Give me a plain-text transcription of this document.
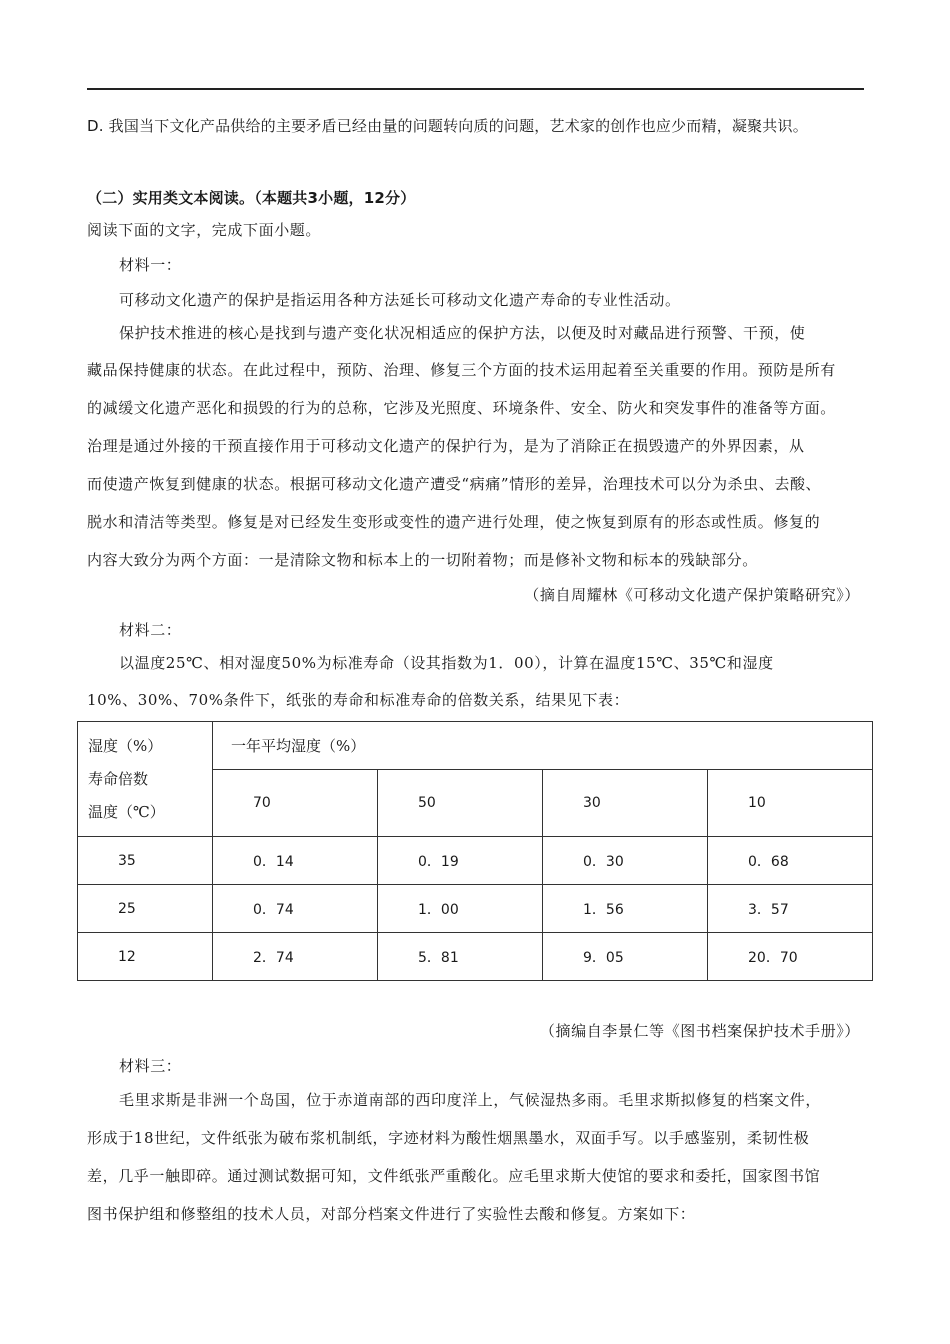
D. 我国当下文化产品供给的主要矛盾已经由量的问题转向质的问题，艺术家的创作也应少而精，凝聚共识。
（二）实用类文本阅读。（本题共3小题，12分）
阅读下面的文字，完成下面小题。
材料一：
可移动文化遗产的保护是指运用各种方法延长可移动文化遗产寿命的专业性活动。
保护技术推进的核心是找到与遗产变化状况相适应的保护方法，以便及时对藏品进行预警、干预，使
藏品保持健康的状态。在此过程中，预防、治理、修复三个方面的技术运用起着至关重要的作用。预防是所有
的减缓文化遗产恶化和损毁的行为的总称，它涉及光照度、环境条件、安全、防火和突发事件的准备等方面。
治理是通过外接的干预直接作用于可移动文化遗产的保护行为，是为了消除正在损毁遗产的外界因素，从
而使遗产恢复到健康的状态。根据可移动文化遗产遭受“病痛”情形的差异，治理技术可以分为杀虫、去酸、
脱水和清洁等类型。修复是对已经发生变形或变性的遗产进行处理，使之恢复到原有的形态或性质。修复的
内容大致分为两个方面：一是清除文物和标本上的一切附着物；而是修补文物和标本的残缺部分。
（摘自周耀林《可移动文化遗产保护策略研究》）
材料二：
以温度25℃、相对湿度50%为标准寿命（设其指数为1．00），计算在温度15℃、35℃和湿度
10%、30%、70%条件下，纸张的寿命和标准寿命的倍数关系，结果见下表：
湿度（%）
寿命倍数
温度（℃）	一年平均湿度（%）			
	70	50	30	10
35	0．14	0．19	0．30	0．68
25	0．74	1．00	1．56	3．57
12	2．74	5．81	9．05	20．70
（摘编自李景仁等《图书档案保护技术手册》）
材料三：
毛里求斯是非洲一个岛国，位于赤道南部的西印度洋上，气候湿热多雨。毛里求斯拟修复的档案文件，
形成于18世纪，文件纸张为破布浆机制纸，字迹材料为酸性烟黑墨水，双面手写。以手感鉴别，柔韧性极
差，几乎一触即碎。通过测试数据可知，文件纸张严重酸化。应毛里求斯大使馆的要求和委托，国家图书馆
图书保护组和修整组的技术人员，对部分档案文件进行了实验性去酸和修复。方案如下：
